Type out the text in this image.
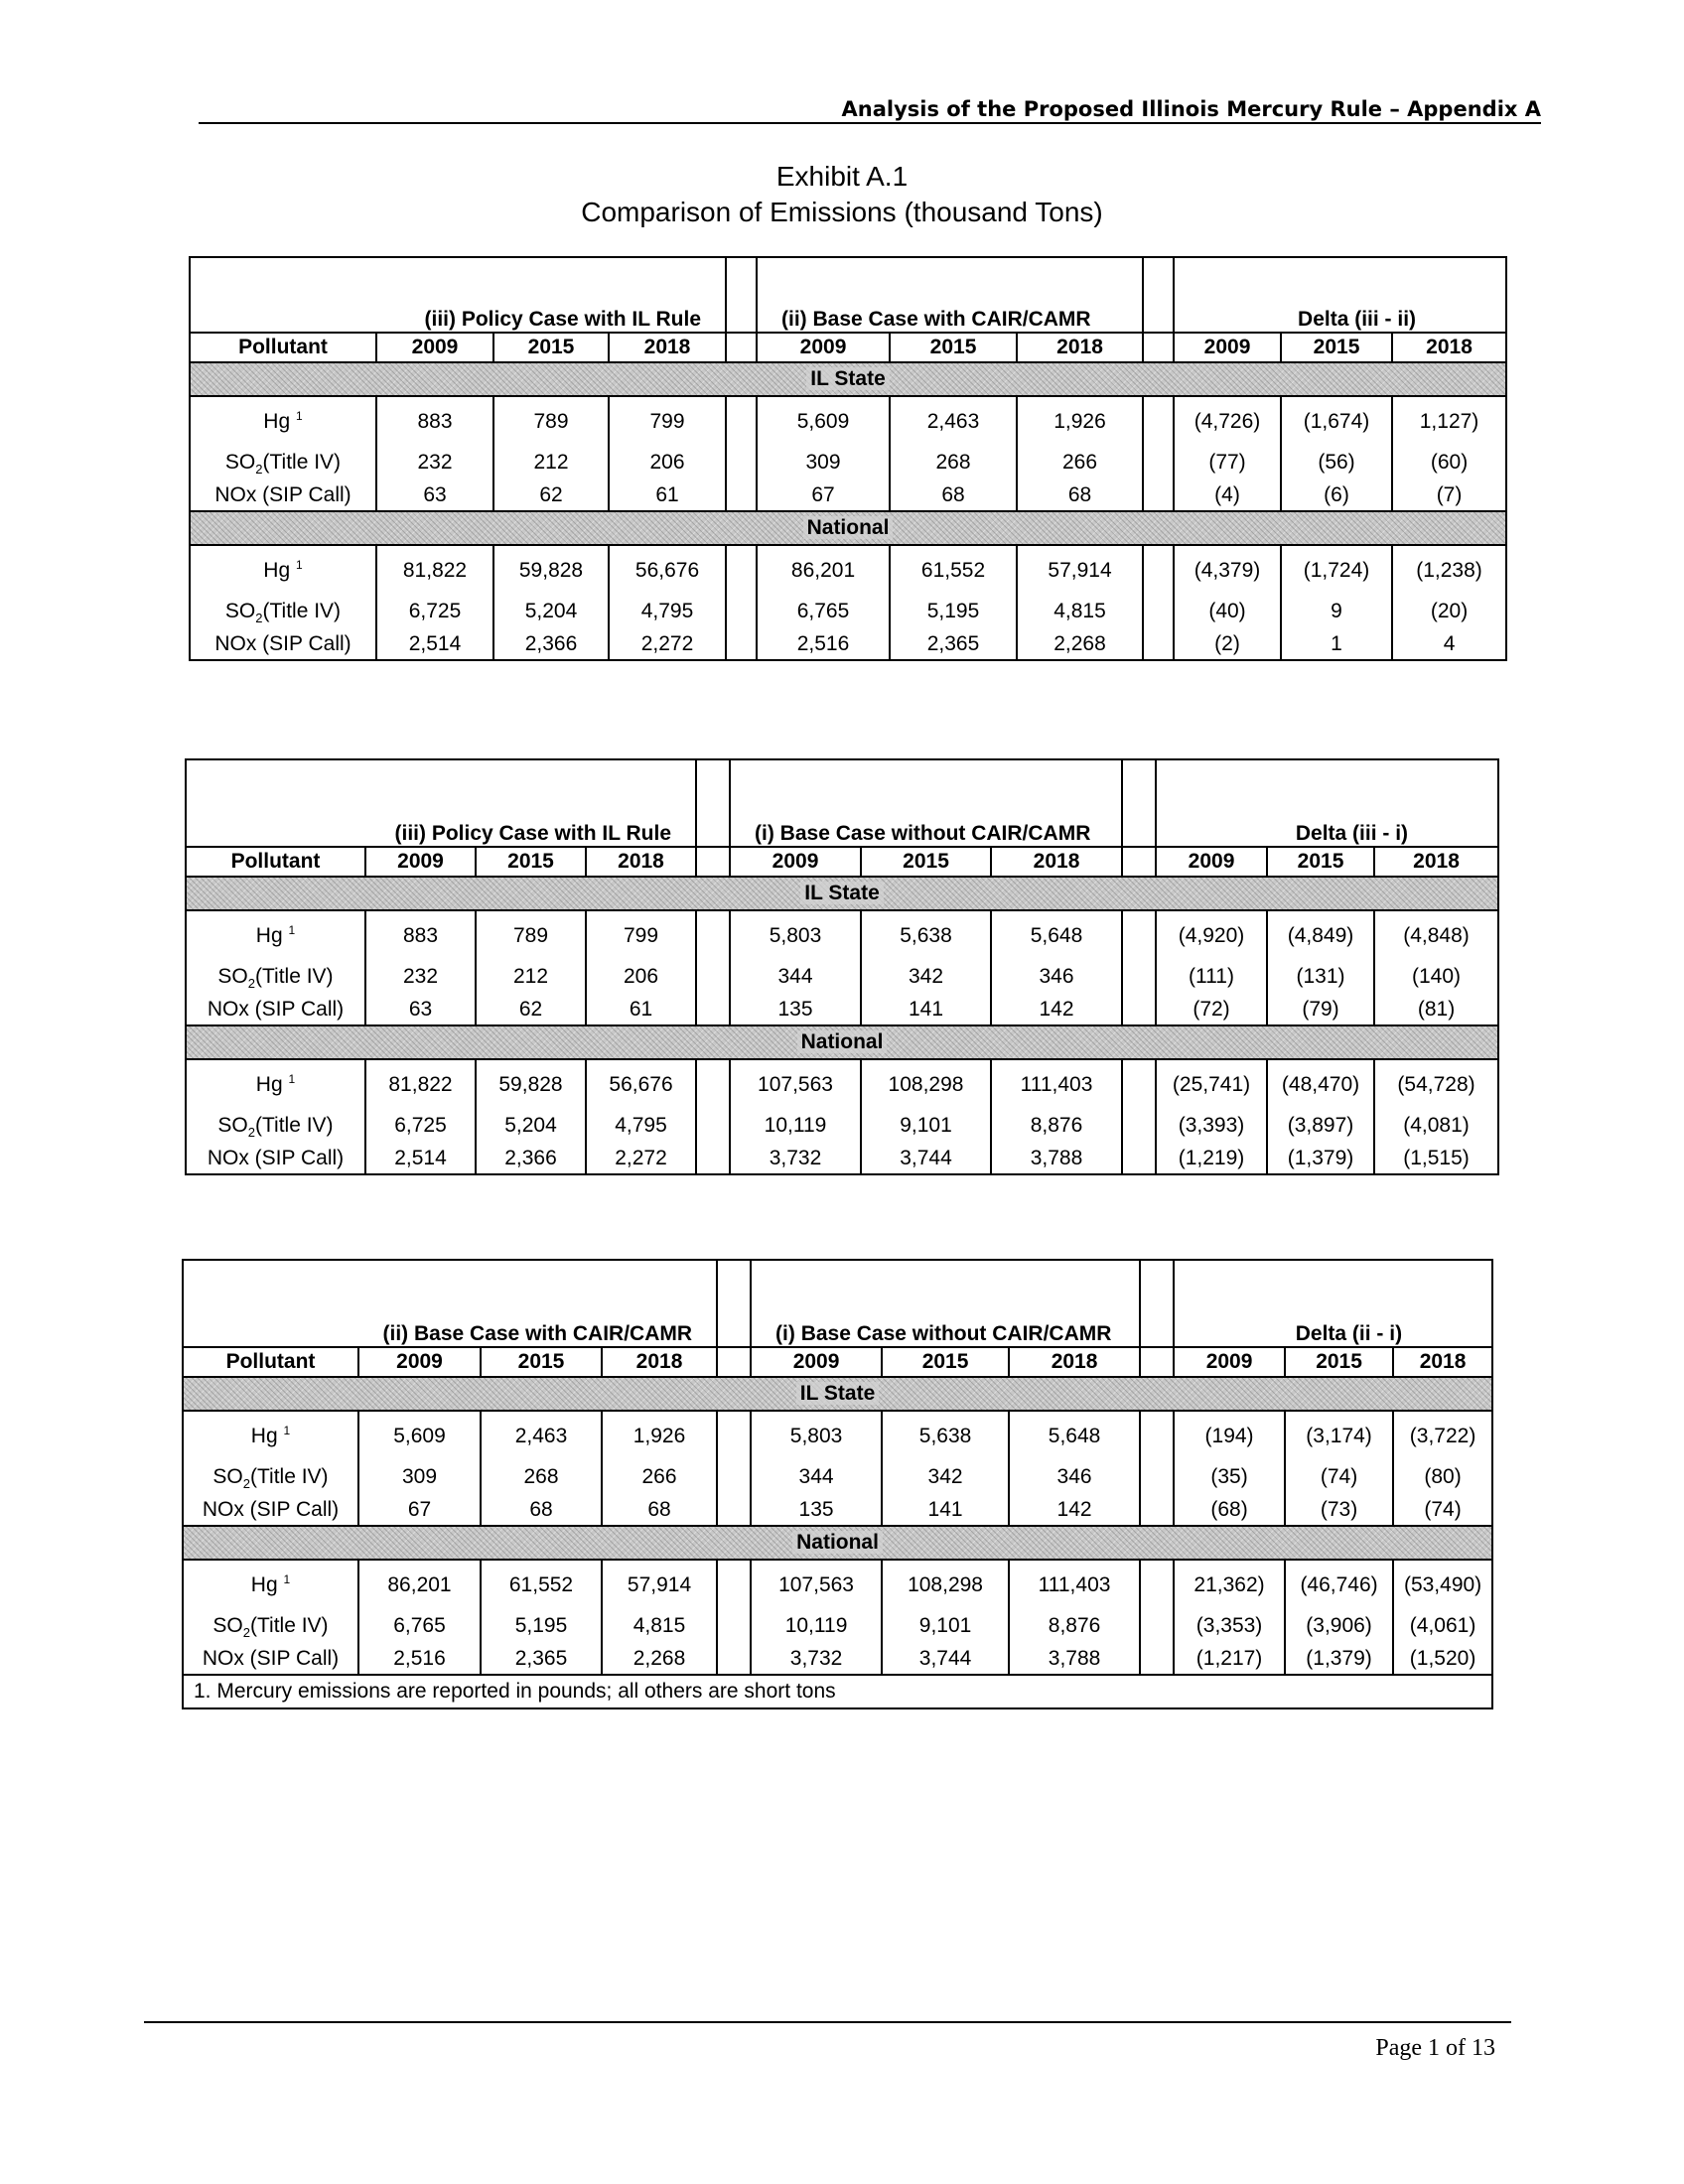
Analysis of the Proposed Illinois Mercury Rule – Appendix A
Exhibit A.1
Comparison of Emissions (thousand Tons)
(iii) Policy Case with IL Rule					(ii) Base Case with CAIR/CAMR				Delta (iii - ii)		
Pollutant	2009	2015	2018		2009	2015	2018		2009	2015	2018
IL State											
Hg $^1$	883	789	799		5,609	2,463	1,926		(4,726)	(1,674)	1,127)
$SO_2(Title$ IV)	232	212	206		309	268	266		(77)	(56)	(60)
NOx (SIP Call)	63	62	61		67	68	68		(4)	(6)	(7)
National											
Hg $^1$	81,822	59,828	56,676		86,201	61,552	57,914		(4,379)	(1,724)	(1,238)
$SO_2(Title$ IV)	6,725	5,204	4,795		6,765	5,195	4,815		(40)	9	(20)
NOx (SIP Call)	2,514	2,366	2,272		2,516	2,365	2,268		(2)	1	4
(iii) Policy Case with IL Rule					(i) Base Case without CAIR/CAMR				Delta (iii - i)		
Pollutant	2009	2015	2018		2009	2015	2018		2009	2015	2018
IL State											
Hg $^1$	883	789	799		5,803	5,638	5,648		(4,920)	(4,849)	(4,848)
$SO_2(Title$ IV)	232	212	206		344	342	346		(111)	(131)	(140)
NOx (SIP Call)	63	62	61		135	141	142		(72)	(79)	(81)
National											
Hg $^1$	81,822	59,828	56,676		107,563	108,298	111,403		(25,741)	(48,470)	(54,728)
$SO_2(Title$ IV)	6,725	5,204	4,795		10,119	9,101	8,876		(3,393)	(3,897)	(4,081)
NOx (SIP Call)	2,514	2,366	2,272		3,732	3,744	3,788		(1,219)	(1,379)	(1,515)
(ii) Base Case with CAIR/CAMR					(i) Base Case without CAIR/CAMR				Delta (ii - i)		
Pollutant	2009	2015	2018		2009	2015	2018		2009	2015	2018
IL State											
Hg $^1$	5,609	2,463	1,926		5,803	5,638	5,648		(194)	(3,174)	(3,722)
$SO_2(Title$ IV)	309	268	266		344	342	346		(35)	(74)	(80)
NOx (SIP Call)	67	68	68		135	141	142		(68)	(73)	(74)
National											
Hg $^1$	86,201	61,552	57,914		107,563	108,298	111,403		21,362)	(46,746)	(53,490)
$SO_2(Title$ IV)	6,765	5,195	4,815		10,119	9,101	8,876		(3,353)	(3,906)	(4,061)
NOx (SIP Call)	2,516	2,365	2,268		3,732	3,744	3,788		(1,217)	(1,379)	(1,520)
1. Mercury emissions are reported in pounds; all others are short tons											
Page 1 of 13
